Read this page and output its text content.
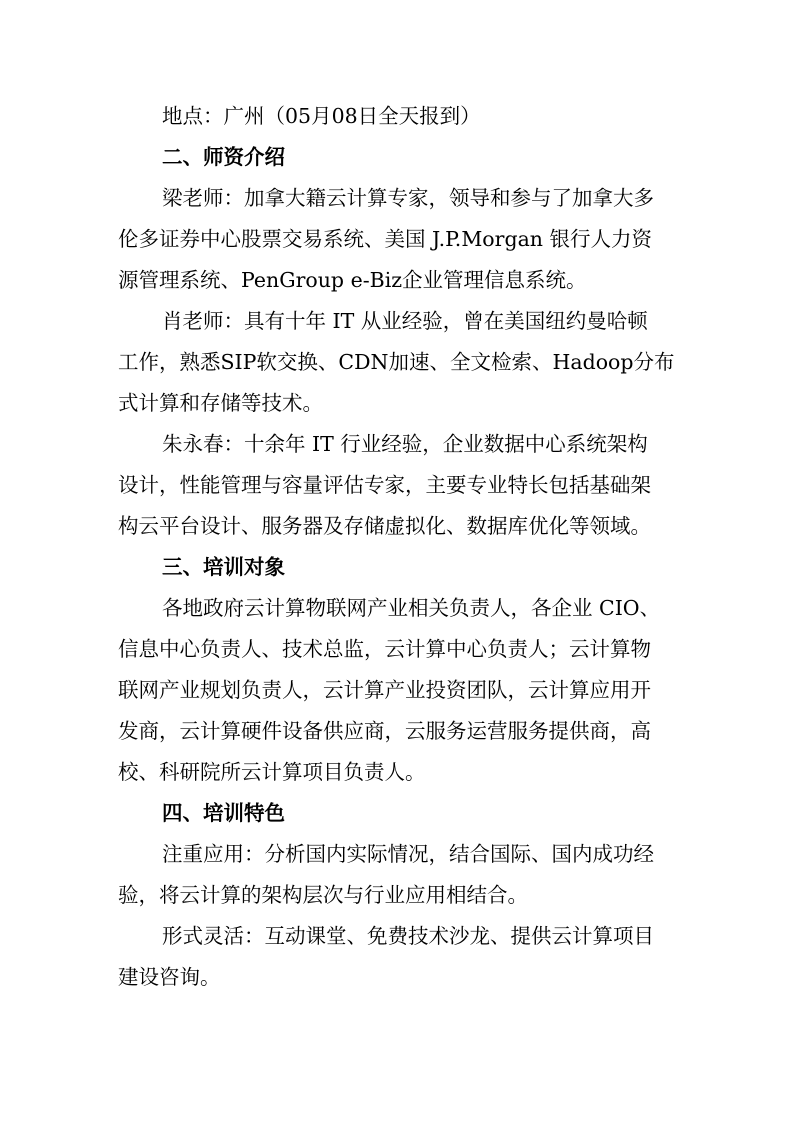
地点：广州（05月08日全天报到）
二、师资介绍
梁老师：加拿大籍云计算专家，领导和参与了加拿大多
伦多证券中心股票交易系统、美国 J.P.Morgan 银行人力资
源管理系统、PenGroup e-Biz企业管理信息系统。
肖老师：具有十年 IT 从业经验，曾在美国纽约曼哈顿
工作，熟悉SIP软交换、CDN加速、全文检索、Hadoop分布
式计算和存储等技术。
朱永春：十余年 IT 行业经验，企业数据中心系统架构
设计，性能管理与容量评估专家，主要专业特长包括基础架
构云平台设计、服务器及存储虚拟化、数据库优化等领域。
三、培训对象
各地政府云计算物联网产业相关负责人，各企业 CIO、
信息中心负责人、技术总监，云计算中心负责人；云计算物
联网产业规划负责人，云计算产业投资团队，云计算应用开
发商，云计算硬件设备供应商，云服务运营服务提供商，高
校、科研院所云计算项目负责人。
四、培训特色
注重应用：分析国内实际情况，结合国际、国内成功经
验，将云计算的架构层次与行业应用相结合。
形式灵活：互动课堂、免费技术沙龙、提供云计算项目
建设咨询。
